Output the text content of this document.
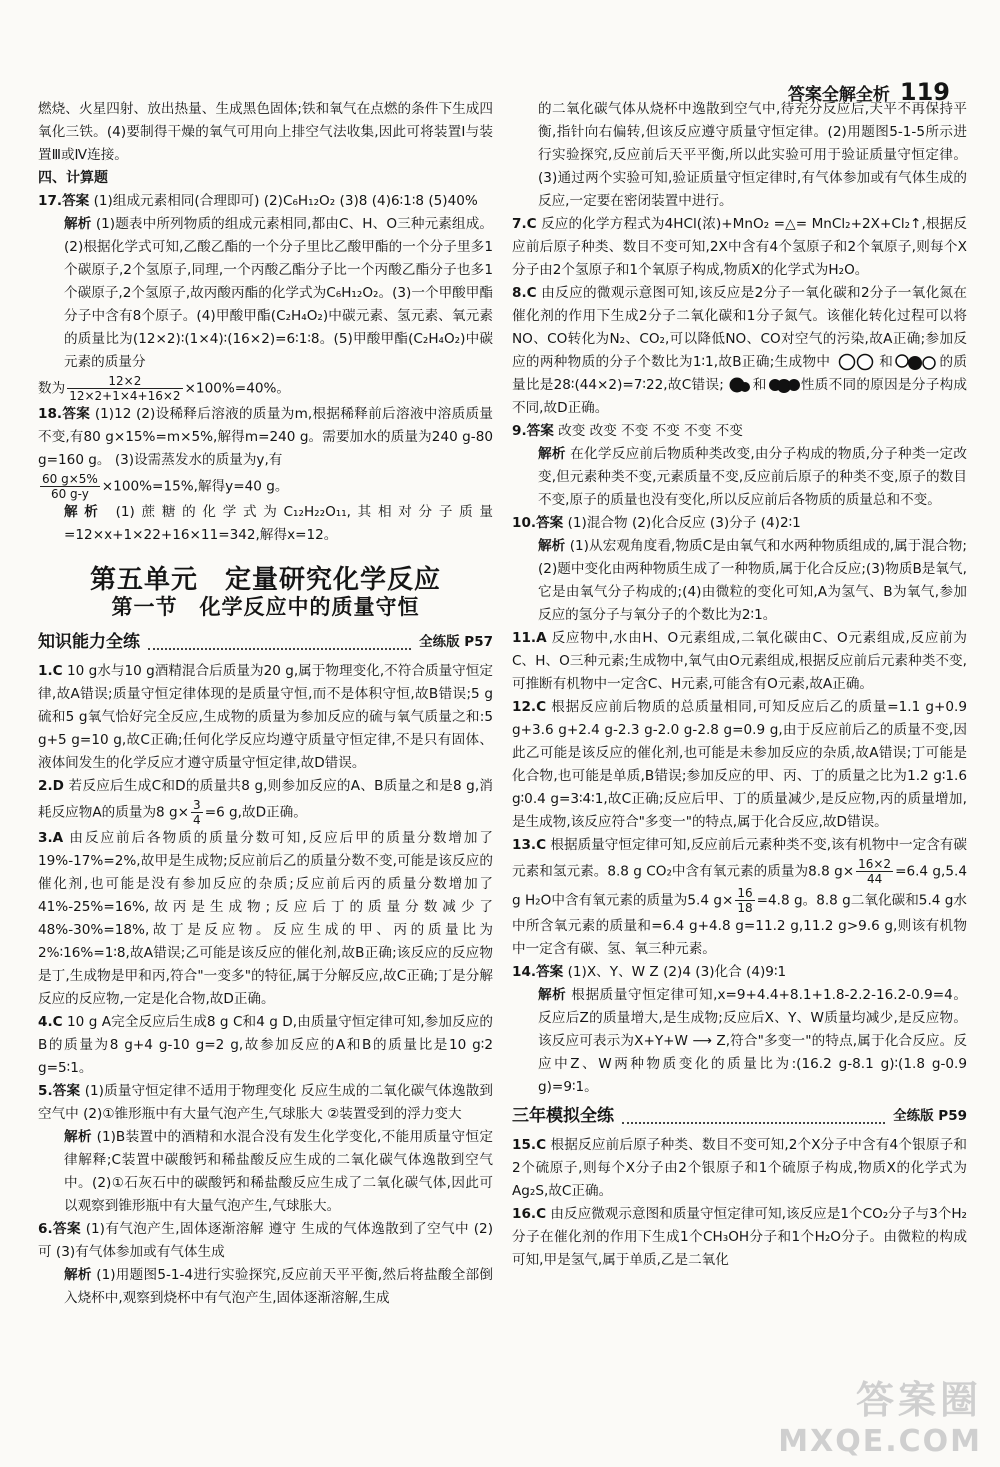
答案全解全析 119

燃烧、火星四射、放出热量、生成黑色固体;铁和氧气在点燃的条件下生成四氧化三铁。(4)要制得干燥的氧气可用向上排空气法收集,因此可将装置Ⅰ与装置Ⅲ或Ⅳ连接。

四、计算题

17.答案 (1)组成元素相同(合理即可) (2)C₆H₁₂O₂ (3)8 (4)6∶1∶8 (5)40%

解析 (1)题表中所列物质的组成元素相同,都由C、H、O三种元素组成。(2)根据化学式可知,乙酸乙酯的一个分子里比乙酸甲酯的一个分子里多1个碳原子,2个氢原子,同理,一个丙酸乙酯分子比一个丙酸乙酯分子也多1个碳原子,2个氢原子,故丙酸丙酯的化学式为C₆H₁₂O₂。(3)一个甲酸甲酯分子中含有8个原子。(4)甲酸甲酯(C₂H₄O₂)中碳元素、氢元素、氧元素的质量比为(12×2)∶(1×4)∶(16×2)=6∶1∶8。(5)甲酸甲酯(C₂H₄O₂)中碳元素的质量分

数为 $\frac{12\times 2}{12\times 2+1\times 4+16\times 2} \times 100\%=40\%$。

18.答案 (1)12 (2)设稀释后溶液的质量为m,根据稀释前后溶液中溶质质量不变,有80 g×15%=m×5%,解得m=240 g。需要加水的质量为240 g-80 g=160 g。 (3)设需蒸发水的质量为y,有

$\frac{60 g\times 5\%}{60 g-y} \times 100\%=15\%$,解得y=40 g。

解析 (1)蔗糖的化学式为C₁₂H₂₂O₁₁,其相对分子质量=12×x+1×22+16×11=342,解得x=12。

第五单元　定量研究化学反应
第一节　化学反应中的质量守恒
知识能力全练	全练版 P57

1.C 10 g水与10 g酒精混合后质量为20 g,属于物理变化,不符合质量守恒定律,故A错误;质量守恒定律体现的是质量守恒,而不是体积守恒,故B错误;5 g硫和5 g氧气恰好完全反应,生成物的质量为参加反应的硫与氧气质量之和:5 g+5 g=10 g,故C正确;任何化学反应均遵守质量守恒定律,不是只有固体、液体间发生的化学反应才遵守质量守恒定律,故D错误。

2.D 若反应后生成C和D的质量共8 g,则参加反应的A、B质量之和是8 g,消耗反应物A的质量为8 $g\times \frac{3}{4} =6$ g,故D正确。

3.A 由反应前后各物质的质量分数可知,反应后甲的质量分数增加了19%-17%=2%,故甲是生成物;反应前后乙的质量分数不变,可能是该反应的催化剂,也可能是没有参加反应的杂质;反应前后丙的质量分数增加了41%-25%=16%,故丙是生成物;反应后丁的质量分数减少了48%-30%=18%,故丁是反应物。反应生成的甲、丙的质量比为2%∶16%=1∶8,故A错误;乙可能是该反应的催化剂,故B正确;该反应的反应物是丁,生成物是甲和丙,符合"一变多"的特征,属于分解反应,故C正确;丁是分解反应的反应物,一定是化合物,故D正确。

4.C 10 g A完全反应后生成8 g C和4 g D,由质量守恒定律可知,参加反应的B的质量为8 g+4 g-10 g=2 g,故参加反应的A和B的质量比是10 g∶2 g=5∶1。

5.答案 (1)质量守恒定律不适用于物理变化 反应生成的二氧化碳气体逸散到空气中 (2)①锥形瓶中有大量气泡产生,气球胀大 ②装置受到的浮力变大

解析 (1)B装置中的酒精和水混合没有发生化学变化,不能用质量守恒定律解释;C装置中碳酸钙和稀盐酸反应生成的二氧化碳气体逸散到空气中。(2)①石灰石中的碳酸钙和稀盐酸反应生成了二氧化碳气体,因此可以观察到锥形瓶中有大量气泡产生,气球胀大。

6.答案 (1)有气泡产生,固体逐渐溶解 遵守 生成的气体逸散到了空气中 (2)可 (3)有气体参加或有气体生成

解析 (1)用题图5-1-4进行实验探究,反应前天平平衡,然后将盐酸全部倒入烧杯中,观察到烧杯中有气泡产生,固体逐渐溶解,生成

的二氧化碳气体从烧杯中逸散到空气中,待充分反应后,天平不再保持平衡,指针向右偏转,但该反应遵守质量守恒定律。(2)用题图5-1-5所示进行实验探究,反应前后天平平衡,所以此实验可用于验证质量守恒定律。(3)通过两个实验可知,验证质量守恒定律时,有气体参加或有气体生成的反应,一定要在密闭装置中进行。

7.C 反应的化学方程式为4HCl(浓)+MnO₂ =△= MnCl₂+2X+Cl₂↑,根据反应前后原子种类、数目不变可知,2X中含有4个氢原子和2个氧原子,则每个X分子由2个氢原子和1个氧原子构成,物质X的化学式为H₂O。

8.C 由反应的微观示意图可知,该反应是2分子一氧化碳和2分子一氧化氮在催化剂的作用下生成2分子二氧化碳和1分子氮气。该催化转化过程可以将NO、CO转化为N₂、CO₂,可以降低NO、CO对空气的污染,故A正确;参加反应的两种物质的分子个数比为1∶1,故B正确;生成物中	和	的质量比是28∶(44×2)=7∶22,故C错误; 和	性质不同的原因是分子构成不同,故D正确。

9.答案 改变 改变 不变 不变 不变 不变

解析 在化学反应前后物质种类改变,由分子构成的物质,分子种类一定改变,但元素种类不变,元素质量不变,反应前后原子的种类不变,原子的数目不变,原子的质量也没有变化,所以反应前后各物质的质量总和不变。

10.答案 (1)混合物 (2)化合反应 (3)分子 (4)2∶1

解析 (1)从宏观角度看,物质C是由氧气和水两种物质组成的,属于混合物;(2)题中变化由两种物质生成了一种物质,属于化合反应;(3)物质B是氧气,它是由氧气分子构成的;(4)由微粒的变化可知,A为氢气、B为氧气,参加反应的氢分子与氧分子的个数比为2∶1。

11.A 反应物中,水由H、O元素组成,二氧化碳由C、O元素组成,反应前为C、H、O三种元素;生成物中,氧气由O元素组成,根据反应前后元素种类不变,可推断有机物中一定含C、H元素,可能含有O元素,故A正确。

12.C 根据反应前后物质的总质量相同,可知反应后乙的质量=1.1 g+0.9 g+3.6 g+2.4 g-2.3 g-2.0 g-2.8 g=0.9 g,由于反应前后乙的质量不变,因此乙可能是该反应的催化剂,也可能是未参加反应的杂质,故A错误;丁可能是化合物,也可能是单质,B错误;参加反应的甲、丙、丁的质量之比为1.2 g∶1.6 g∶0.4 g=3∶4∶1,故C正确;反应后甲、丁的质量减少,是反应物,丙的质量增加,是生成物,该反应符合"多变一"的特点,属于化合反应,故D错误。

13.C 根据质量守恒定律可知,反应前后元素种类不变,该有机物中一定含有碳元素和氢元素。8.8 g CO₂中含有氧元素的质量为8.8 $g\times \frac{16\times 2}{44} =6.4$ g,5.4 g H₂O中含有氧元素的质量为5.4 $g\times \frac{16}{18} =4.8$ g。8.8 g二氧化碳和5.4 g水中所含氧元素的质量和=6.4 g+4.8 g=11.2 g,11.2 g>9.6 g,则该有机物中一定含有碳、氢、氧三种元素。

14.答案 (1)X、Y、W Z (2)4 (3)化合 (4)9∶1

解析 根据质量守恒定律可知,x=9+4.4+8.1+1.8-2.2-16.2-0.9=4。反应后Z的质量增大,是生成物;反应后X、Y、W质量均减少,是反应物。该反应可表示为X+Y+W ⟶ Z,符合"多变一"的特点,属于化合反应。反应中Z、W两种物质变化的质量比为:(16.2 g-8.1 g)∶(1.8 g-0.9 g)=9∶1。

三年模拟全练	全练版 P59

15.C 根据反应前后原子种类、数目不变可知,2个X分子中含有4个银原子和2个硫原子,则每个X分子由2个银原子和1个硫原子构成,物质X的化学式为Ag₂S,故C正确。

16.C 由反应微观示意图和质量守恒定律可知,该反应是1个CO₂分子与3个H₂分子在催化剂的作用下生成1个CH₃OH分子和1个H₂O分子。由微粒的构成可知,甲是氢气,属于单质,乙是二氧化

答案圈
MXQE.COM
